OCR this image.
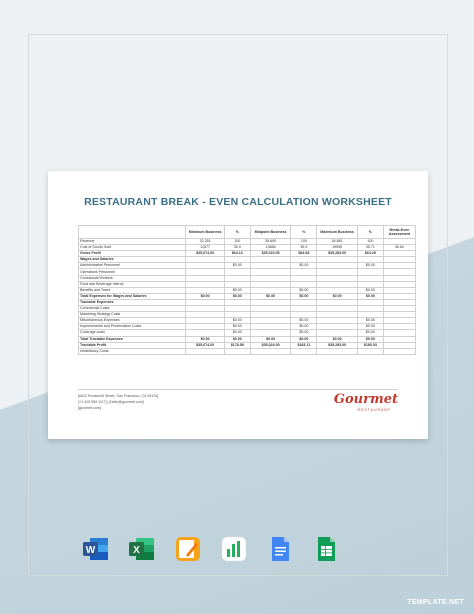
RESTAURANT BREAK - EVEN CALCULATION WORKSHEET
	Minimum Business	%	Midpoint Business	%	Maximum Business	%	Break-Even Assessment
Revenue	32,251	100	39,690	100	54,881	100	
Cost of Goods Sold	11577	35.9	13666	35.3	19598	35.71	35.64
Gross Profit	$35,674.00	$64.10	$35,024.00	$64.68	$35,283.00	$64.29	
Wages and Salaries							
Administrative Personnel		$0.00		$0.00		$0.00	
Operations Personnel							
Contractual Workers							
Food and Beverage Interns							
Benefits and Taxes		$0.00		$0.00		$0.00	
Total Expenses for Wages and Salaries	$0.00	$0.00	$0.00	$0.00	$0.00	$0.00	
Tractable Expenses							
Commercial Costs							
Marketing Strategy Costs							
Miscellaneous Expenses		$0.00		$0.00		$0.00	
Improvements and Preservation Costs		$0.00		$0.00		$0.00	
Coverage costs		$0.00		$0.00		$0.00	
Total Tractable Expenses	$0.00	$0.00	$0.00	$0.00	$0.00	$0.00	
Tractable Profit	$35,674.00	$178.58	$35,024.00	$183.11	$35,283.00	$180.03	
Inhabitancy Costs							
[#612 Roosevelt Street, San Francisco, CA 94124]
[+1 415 559 1117] | [hello@gourmet.com]
[gourmet.com]
Gourmet
RESTAURANT
W	X
TEMPLATE.NET
